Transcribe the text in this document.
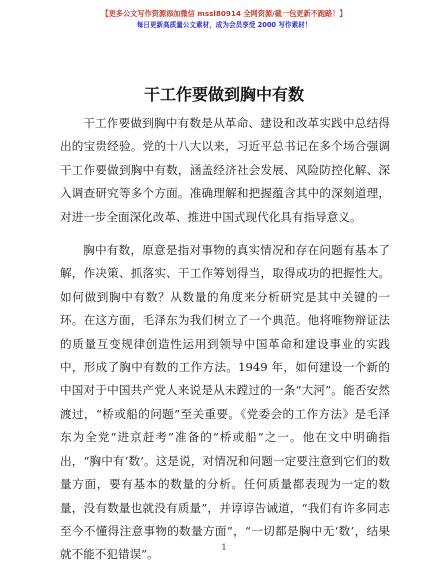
【更多公文写作资源添加微信 mssl80914 全网资源/截一包更新不跑路！】
每日更新高质量公文素材，成为会员享受 2000 写作素材！
干工作要做到胸中有数

干工作要做到胸中有数是从革命、建设和改革实践中总结得出的宝贵经验。党的十八大以来，习近平总书记在多个场合强调干工作要做到胸中有数，涵盖经济社会发展、风险防控化解、深入调查研究等多个方面。准确理解和把握蕴含其中的深刻道理，对进一步全面深化改革、推进中国式现代化具有指导意义。

胸中有数，原意是指对事物的真实情况和存在问题有基本了解，作决策、抓落实、干工作筹划得当，取得成功的把握性大。如何做到胸中有数？从数量的角度来分析研究是其中关键的一环。在这方面，毛泽东为我们树立了一个典范。他将唯物辩证法的质量互变规律创造性运用到领导中国革命和建设事业的实践中，形成了胸中有数的工作方法。1949 年，如何建设一个新的中国对于中国共产党人来说是从未蹚过的一条“大河”。能否安然渡过，“桥或船的问题”至关重要。《党委会的工作方法》是毛泽东为全党“进京赶考”准备的“桥或船”之一。他在文中明确指出，“胸中有‘数’。这是说，对情况和问题一定要注意到它们的数量方面，要有基本的数量的分析。任何质量都表现为一定的数量，没有数量也就没有质量”，并谆谆告诫道，“我们有许多同志至今不懂得注意事物的数量方面”，“一切都是胸中无‘数’，结果就不能不犯错误”。	1
